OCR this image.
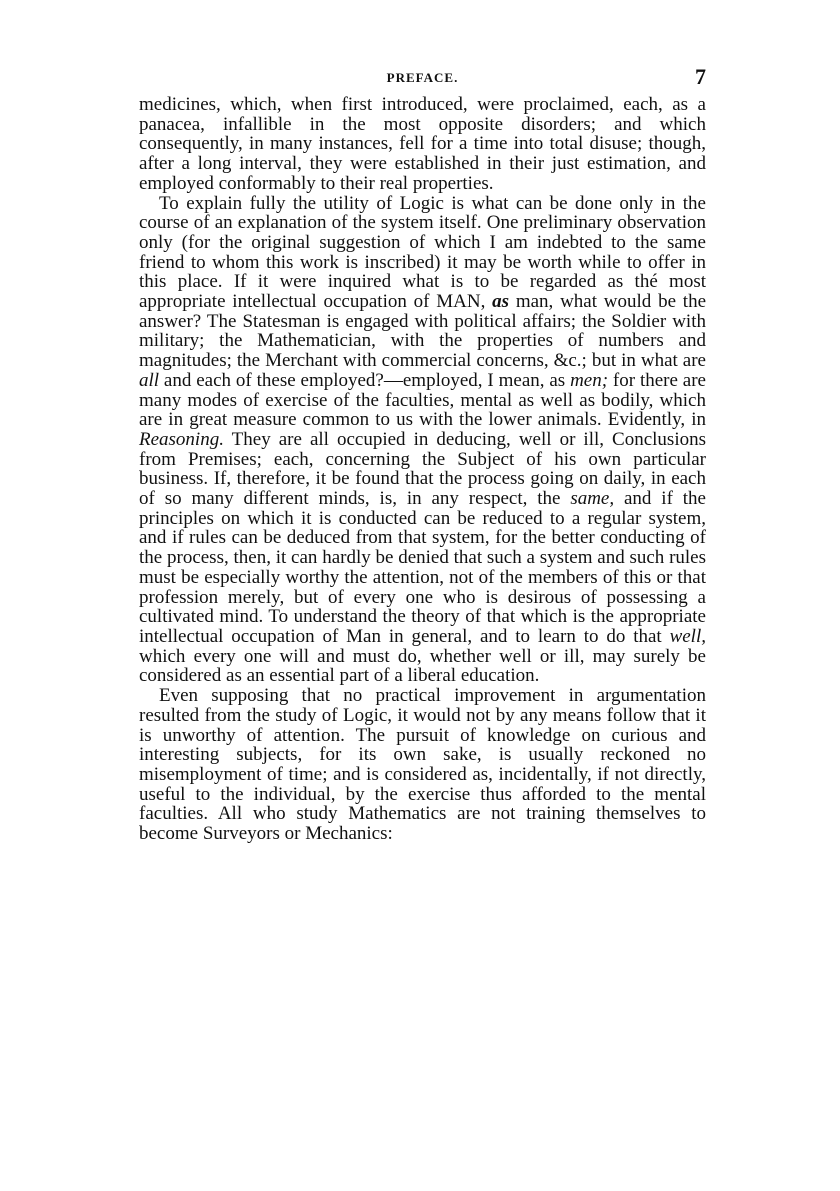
PREFACE.	7

medicines, which, when first introduced, were proclaimed, each, as a panacea, infallible in the most opposite disorders; and which consequently, in many instances, fell for a time into total disuse; though, after a long interval, they were established in their just estimation, and employed conformably to their real properties.

To explain fully the utility of Logic is what can be done only in the course of an explanation of the system itself. One preliminary observation only (for the original suggestion of which I am indebted to the same friend to whom this work is inscribed) it may be worth while to offer in this place. If it were inquired what is to be regarded as thé most appropriate intellectual occupation of MAN, as man, what would be the answer? The Statesman is engaged with political affairs; the Soldier with military; the Mathematician, with the properties of numbers and magnitudes; the Merchant with commercial concerns, &c.; but in what are all and each of these employed?—employed, I mean, as men; for there are many modes of exercise of the faculties, mental as well as bodily, which are in great measure common to us with the lower animals. Evidently, in Reasoning. They are all occupied in deducing, well or ill, Conclusions from Premises; each, concerning the Subject of his own particular business. If, therefore, it be found that the process going on daily, in each of so many different minds, is, in any respect, the same, and if the principles on which it is conducted can be reduced to a regular system, and if rules can be deduced from that system, for the better conducting of the process, then, it can hardly be denied that such a system and such rules must be especially worthy the attention, not of the members of this or that profession merely, but of every one who is desirous of possessing a cultivated mind. To understand the theory of that which is the appropriate intellectual occupation of Man in general, and to learn to do that well, which every one will and must do, whether well or ill, may surely be considered as an essential part of a liberal education.

Even supposing that no practical improvement in argumentation resulted from the study of Logic, it would not by any means follow that it is unworthy of attention. The pursuit of knowledge on curious and interesting subjects, for its own sake, is usually reckoned no misemployment of time; and is considered as, incidentally, if not directly, useful to the individual, by the exercise thus afforded to the mental faculties. All who study Mathematics are not training themselves to become Surveyors or Mechanics:
